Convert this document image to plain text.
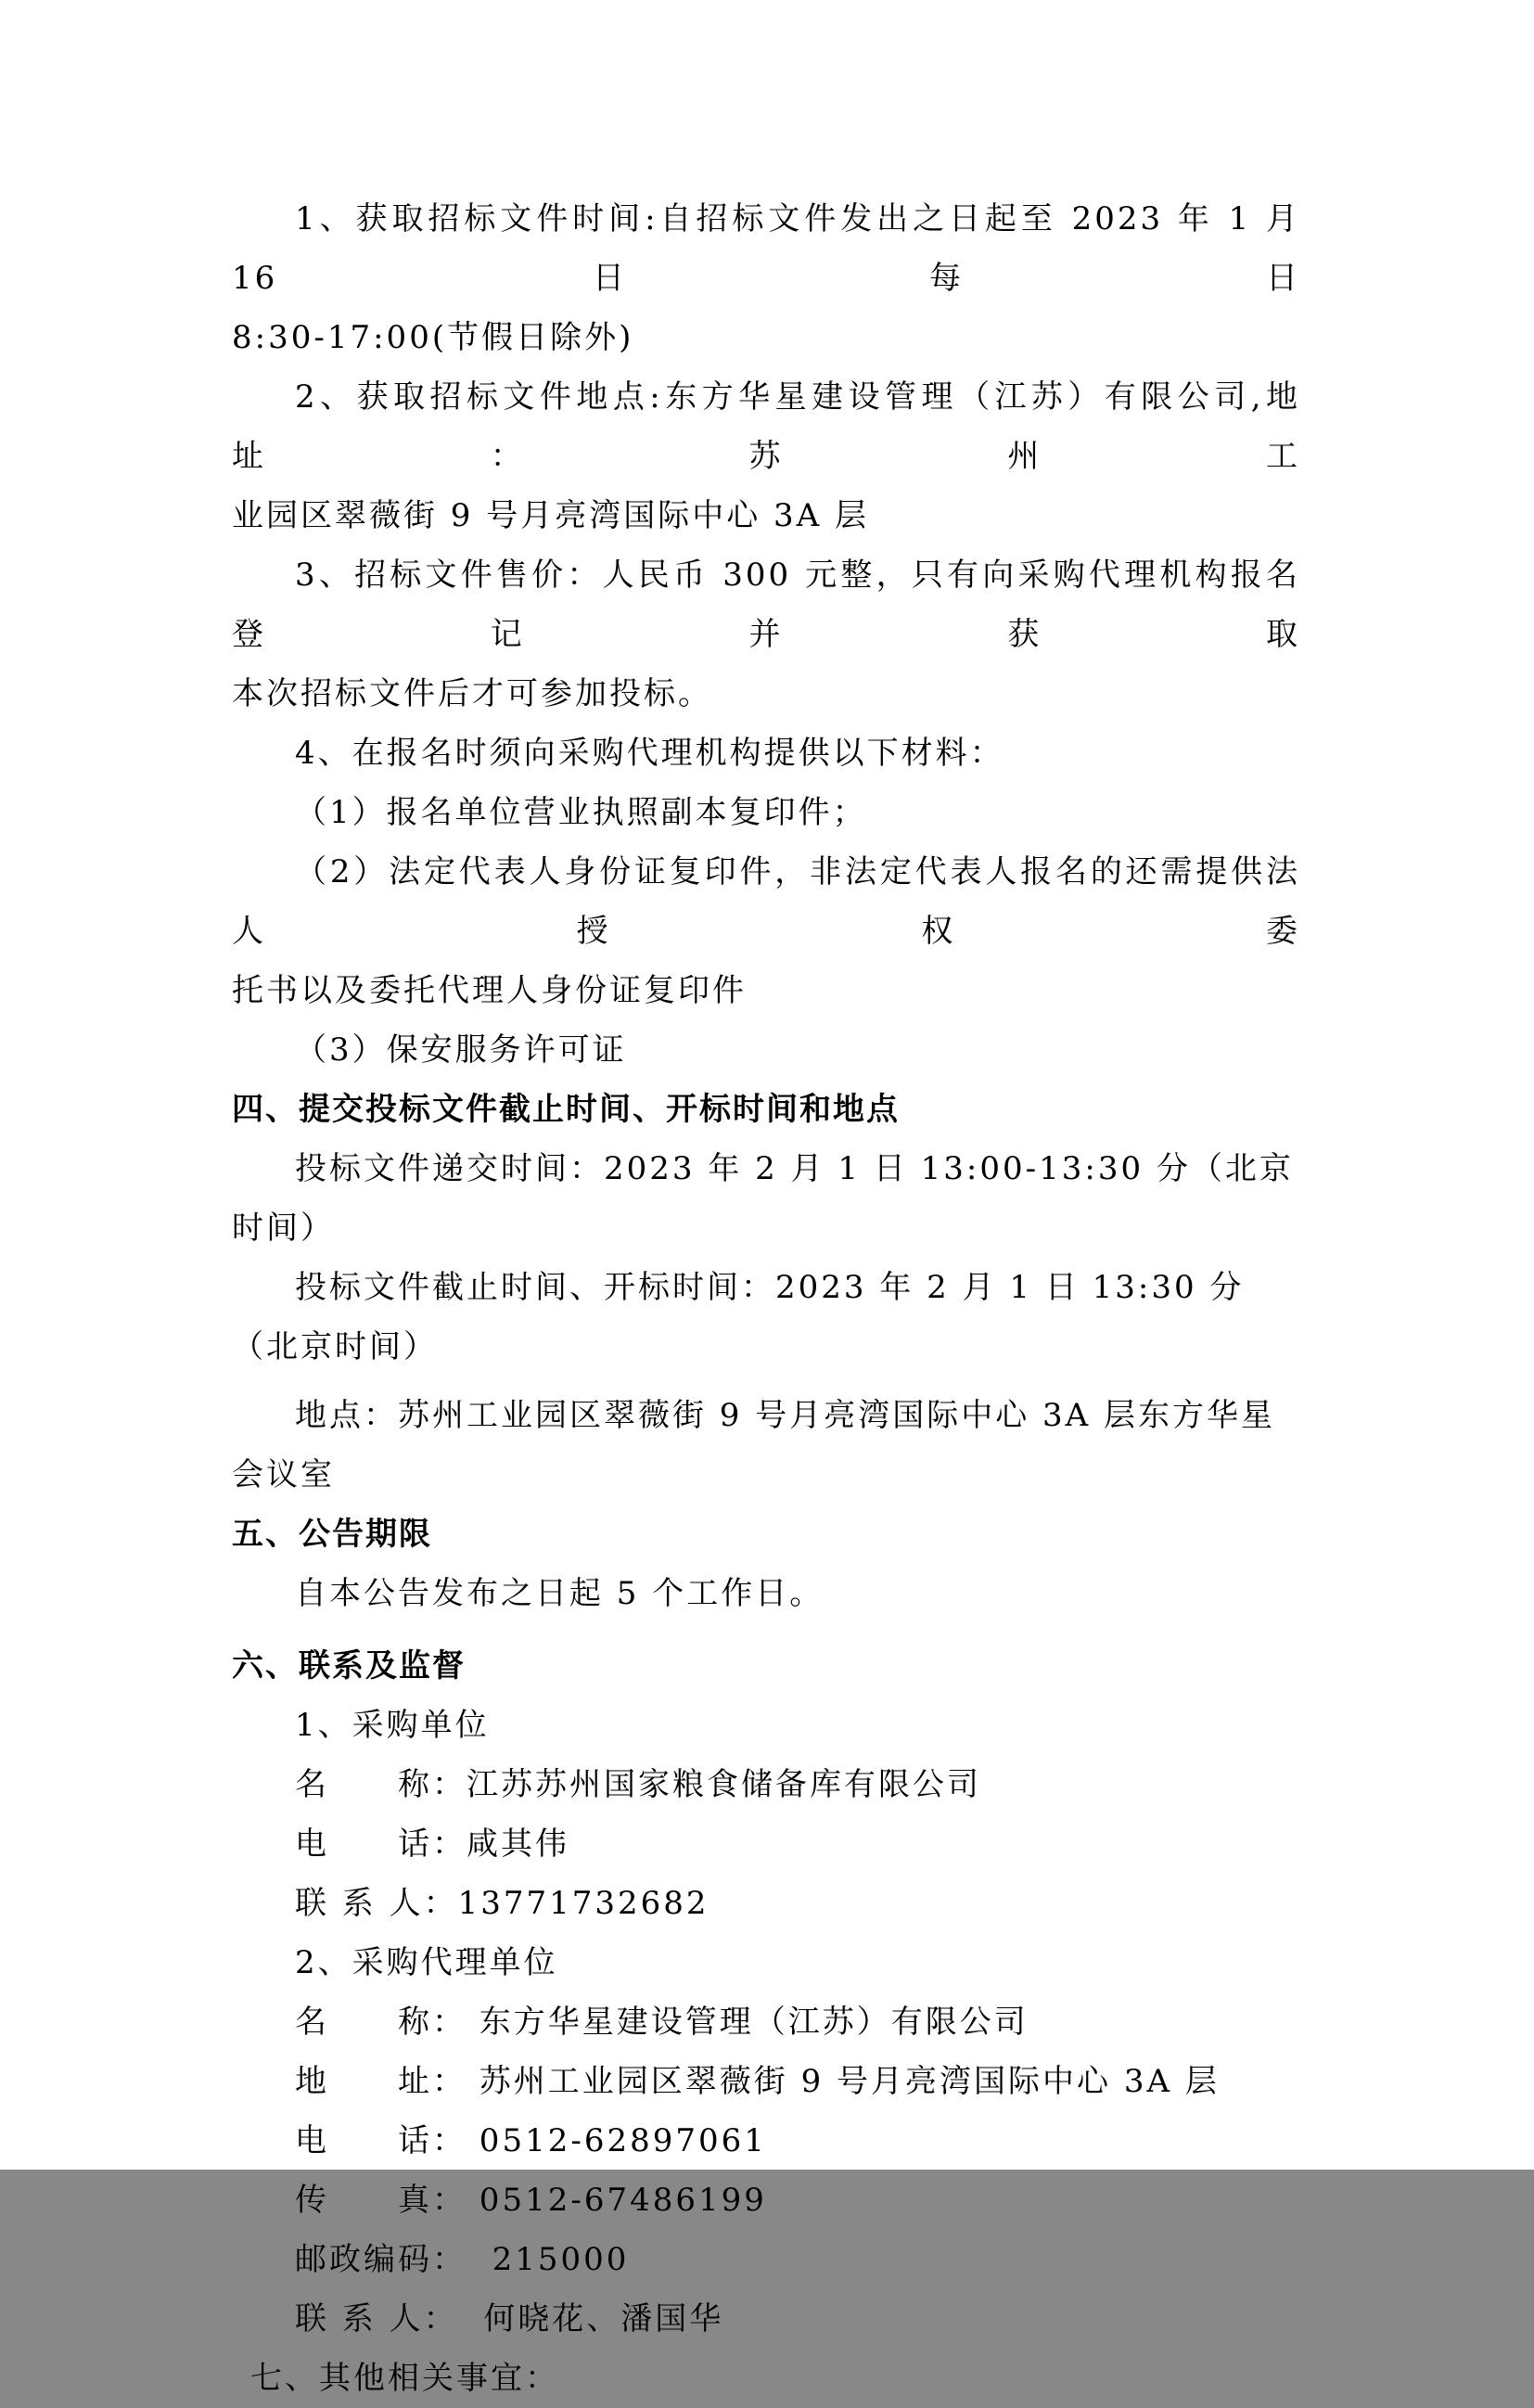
1、获取招标文件时间:自招标文件发出之日起至 2023 年 1 月 16 日每日
8:30-17:00(节假日除外)
2、获取招标文件地点:东方华星建设管理（江苏）有限公司,地址：苏州工
业园区翠薇街 9 号月亮湾国际中心 3A 层
3、招标文件售价：人民币 300 元整，只有向采购代理机构报名登记并获取
本次招标文件后才可参加投标。
4、在报名时须向采购代理机构提供以下材料：
（1）报名单位营业执照副本复印件；
（2）法定代表人身份证复印件，非法定代表人报名的还需提供法人授权委
托书以及委托代理人身份证复印件
（3）保安服务许可证
四、提交投标文件截止时间、开标时间和地点
投标文件递交时间：2023 年 2 月 1 日 13:00-13:30 分（北京时间）
投标文件截止时间、开标时间：2023 年 2 月 1 日 13:30 分（北京时间）
地点：苏州工业园区翠薇街 9 号月亮湾国际中心 3A 层东方华星会议室
五、公告期限
自本公告发布之日起 5 个工作日。
六、联系及监督
1、采购单位
名　　称：江苏苏州国家粮食储备库有限公司
电　　话：咸其伟
联 系 人：13771732682
2、采购代理单位
名　　称： 东方华星建设管理（江苏）有限公司
地　　址： 苏州工业园区翠薇街 9 号月亮湾国际中心 3A 层
电　　话： 0512-62897061
传　　真： 0512-67486199
邮政编码：  215000
联 系 人：  何晓花、潘国华
七、其他相关事宜：
